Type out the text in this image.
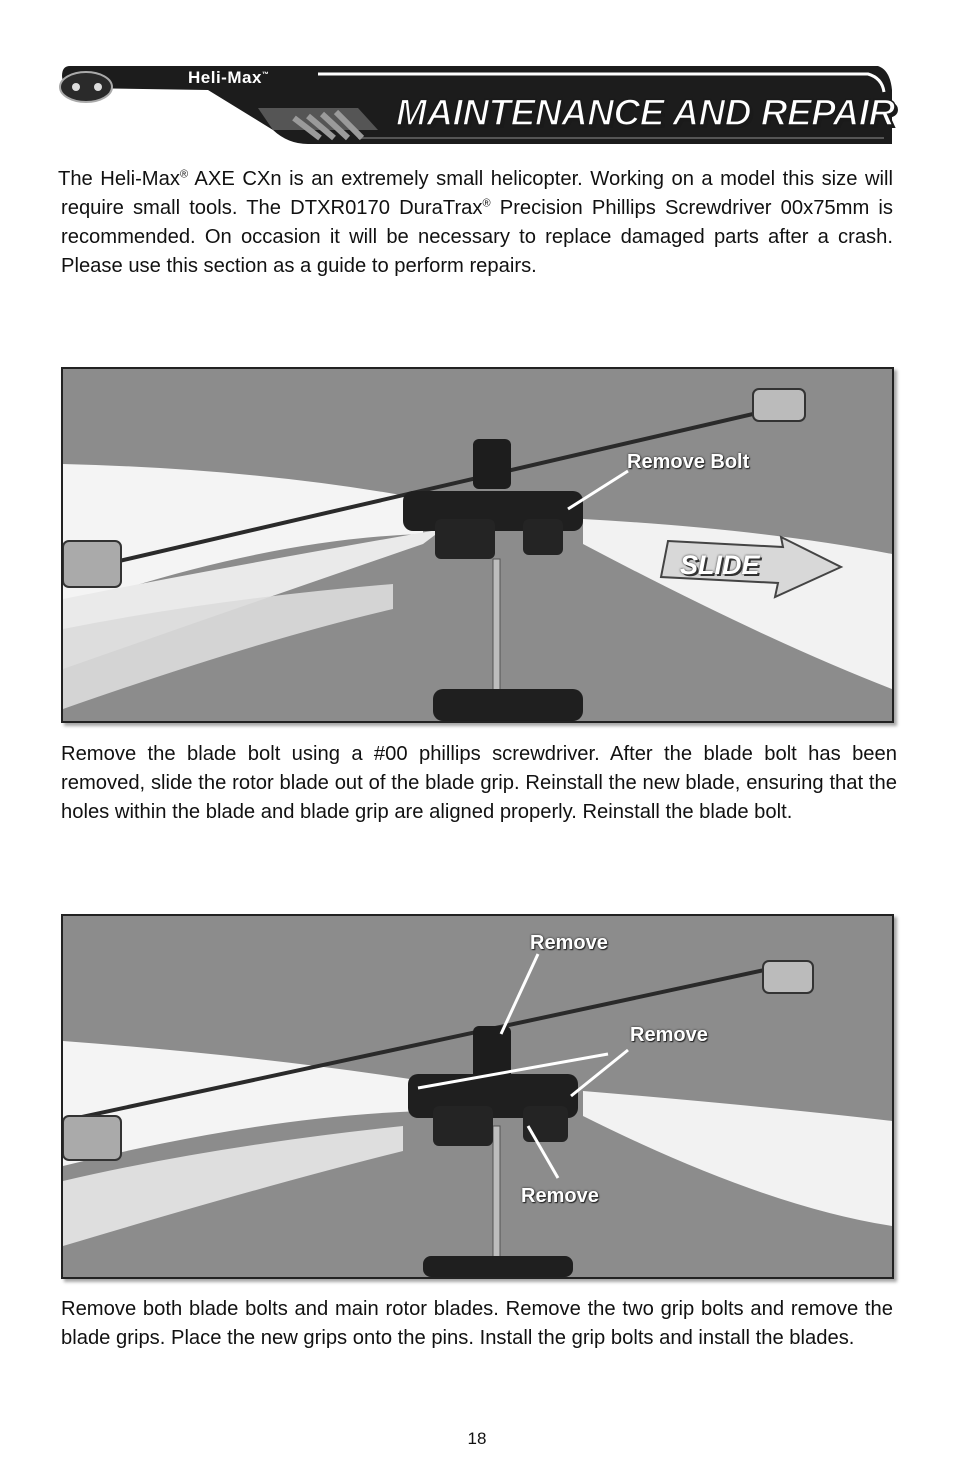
Heli-Max™
MAINTENANCE AND REPAIR

The Heli-Max® AXE CXn is an extremely small helicopter. Working on a model this size will require small tools. The DTXR0170 DuraTrax® Precision Phillips Screwdriver 00x75mm is recommended. On occasion it will be necessary to replace damaged parts after a crash. Please use this section as a guide to perform repairs.

Remove Bolt
SLIDE

Remove the blade bolt using a #00 phillips screwdriver. After the blade bolt has been removed, slide the rotor blade out of the blade grip. Reinstall the new blade, ensuring that the holes within the blade and blade grip are aligned properly. Reinstall the blade bolt.

Remove
Remove
Remove

Remove both blade bolts and main rotor blades. Remove the two grip bolts and remove the blade grips. Place the new grips onto the pins. Install the grip bolts and install the blades.

18
